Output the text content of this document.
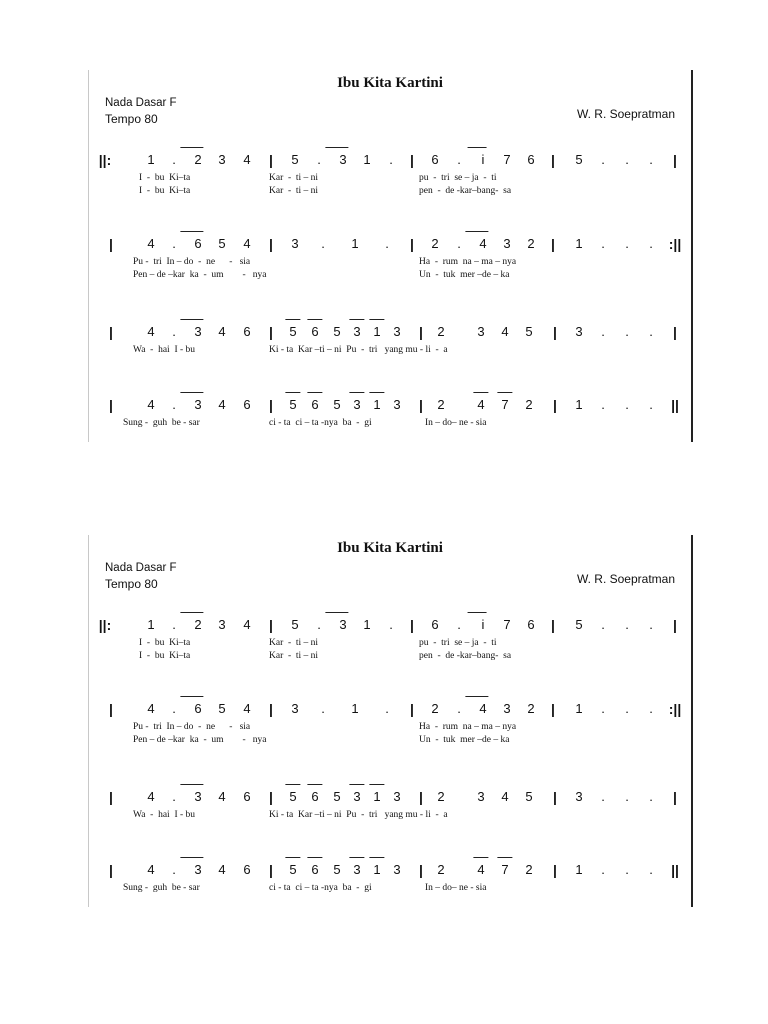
Ibu Kita Kartini
Nada Dasar F
Tempo 80	W. R. Soepratman
||:	1 . 2 3 4 | 5 . 3 1 . | 6 . i 7 6 | 5 . . . |
I  -  bu  Ki–ta	Kar  -  ti – ni	pu  -  tri  se – ja  -  ti
I  -  bu  Ki–ta	Kar  -  ti – ni	pen  -  de -kar–bang-  sa
|	4 . 6 5 4 | 3 . 1 . | 2 . 4 3 2 | 1 . . . :||
Pu -  tri  In – do  -  ne      -   sia	Ha  -  rum  na – ma – nya
Pen – de –kar  ka  -  um        -   nya	Un  -  tuk  mer –de – ka
|	4 . 3 4 6 | 5 6 5 3 1 3 | 2	3 4 5 | 3 . . . |
Wa  -  hai  I - bu	Ki - ta  Kar –ti – ni  Pu  -  tri   yang mu - li  -  a
|	4 . 3 4 6 | 5 6 5 3 1 3 | 2	4 7 2 | 1 . . . ||
Sung -  guh  be - sar	ci - ta  ci – ta -nya  ba  -  gi	In – do– ne - sia
Ibu Kita Kartini
Nada Dasar F
Tempo 80	W. R. Soepratman
||:	1 . 2 3 4 | 5 . 3 1 . | 6 . i 7 6 | 5 . . . |
I  -  bu  Ki–ta	Kar  -  ti – ni	pu  -  tri  se – ja  -  ti
I  -  bu  Ki–ta	Kar  -  ti – ni	pen  -  de -kar–bang-  sa
|	4 . 6 5 4 | 3 . 1 . | 2 . 4 3 2 | 1 . . . :||
Pu -  tri  In – do  -  ne      -   sia	Ha  -  rum  na – ma – nya
Pen – de –kar  ka  -  um        -   nya	Un  -  tuk  mer –de – ka
|	4 . 3 4 6 | 5 6 5 3 1 3 | 2	3 4 5 | 3 . . . |
Wa  -  hai  I - bu	Ki - ta  Kar –ti – ni  Pu  -  tri   yang mu - li  -  a
|	4 . 3 4 6 | 5 6 5 3 1 3 | 2	4 7 2 | 1 . . . ||
Sung -  guh  be - sar	ci - ta  ci – ta -nya  ba  -  gi	In – do– ne - sia
